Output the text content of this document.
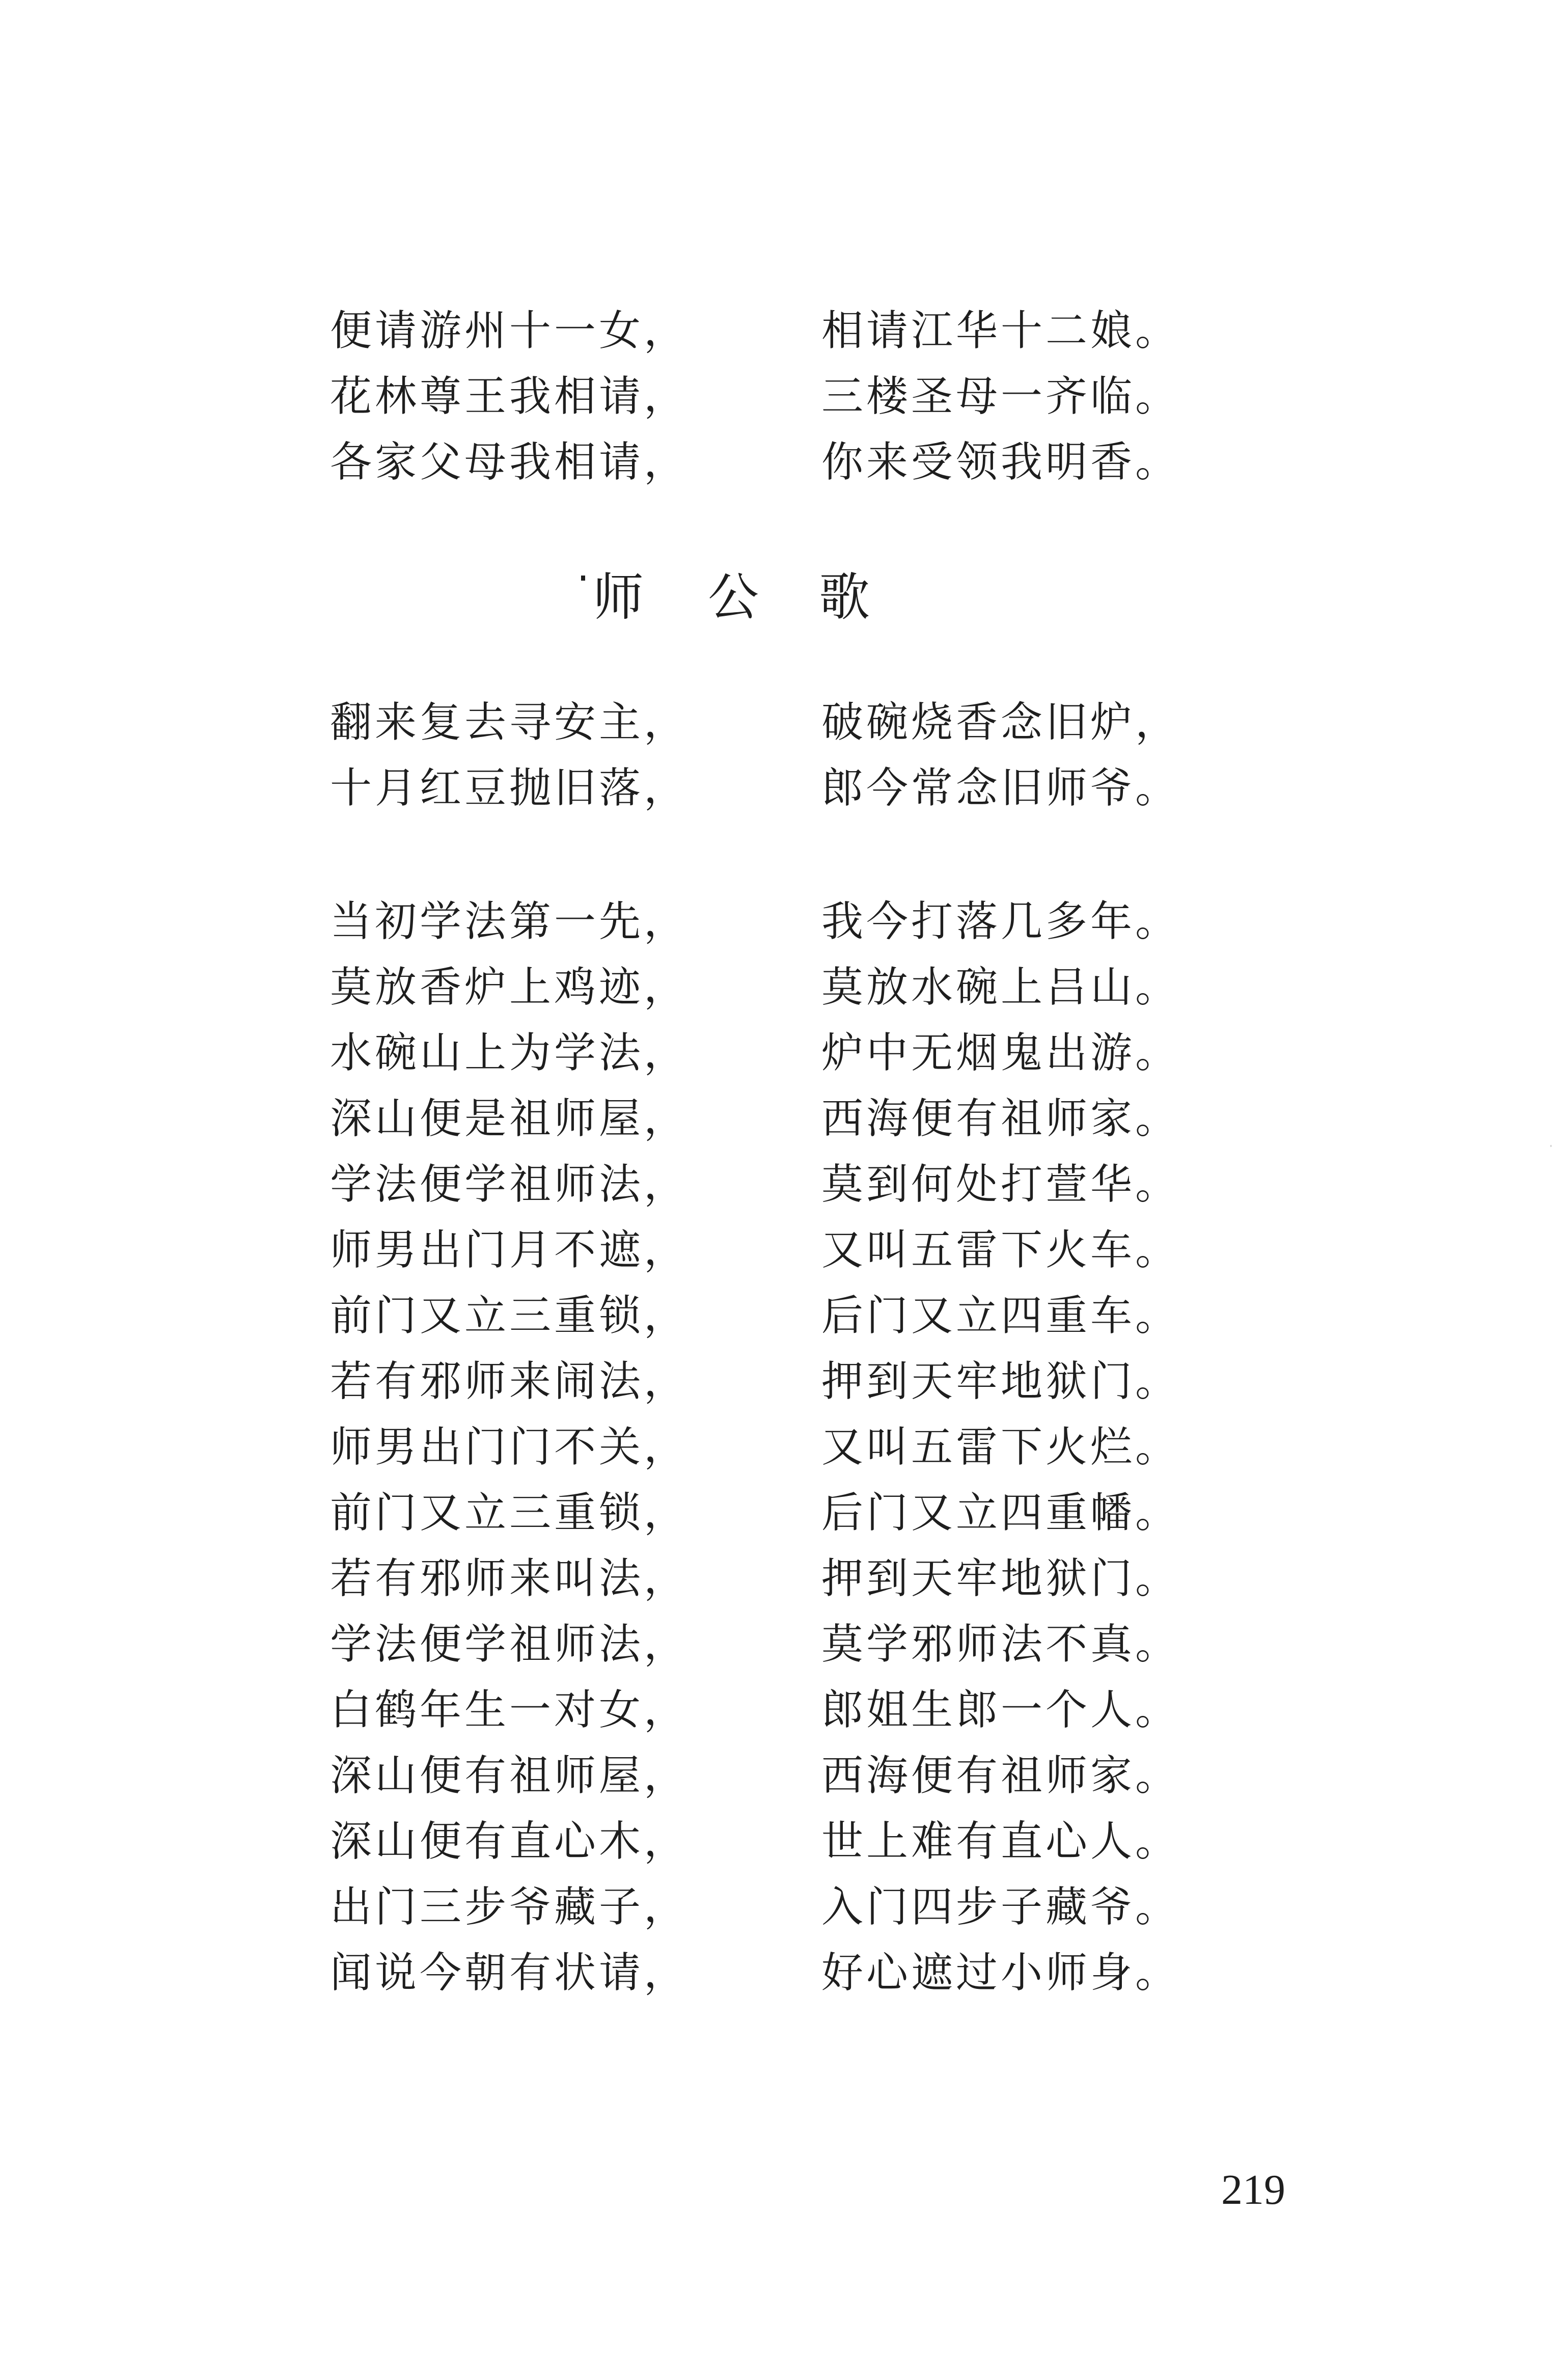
便请游州十一女，	相请江华十二娘。
花林尊王我相请，	三楼圣母一齐临。
各家父母我相请，	你来受领我明香。
师 公 歌
翻来复去寻安主，	破碗烧香念旧炉，
十月红豆抛旧落，	郎今常念旧师爷。
当初学法第一先，	我今打落几多年。
莫放香炉上鸡迹，	莫放水碗上吕山。
水碗山上为学法，	炉中无烟鬼出游。
深山便是祖师屋，	西海便有祖师家。
学法便学祖师法，	莫到何处打萱华。
师男出门月不遮，	又叫五雷下火车。
前门又立三重锁，	后门又立四重车。
若有邪师来闹法，	押到天牢地狱门。
师男出门门不关，	又叫五雷下火烂。
前门又立三重锁，	后门又立四重幡。
若有邪师来叫法，	押到天牢地狱门。
学法便学祖师法，	莫学邪师法不真。
白鹤年生一对女，	郎姐生郎一个人。
深山便有祖师屋，	西海便有祖师家。
深山便有直心木，	世上难有直心人。
出门三步爷藏子，	入门四步子藏爷。
闻说今朝有状请，	好心遮过小师身。
219
